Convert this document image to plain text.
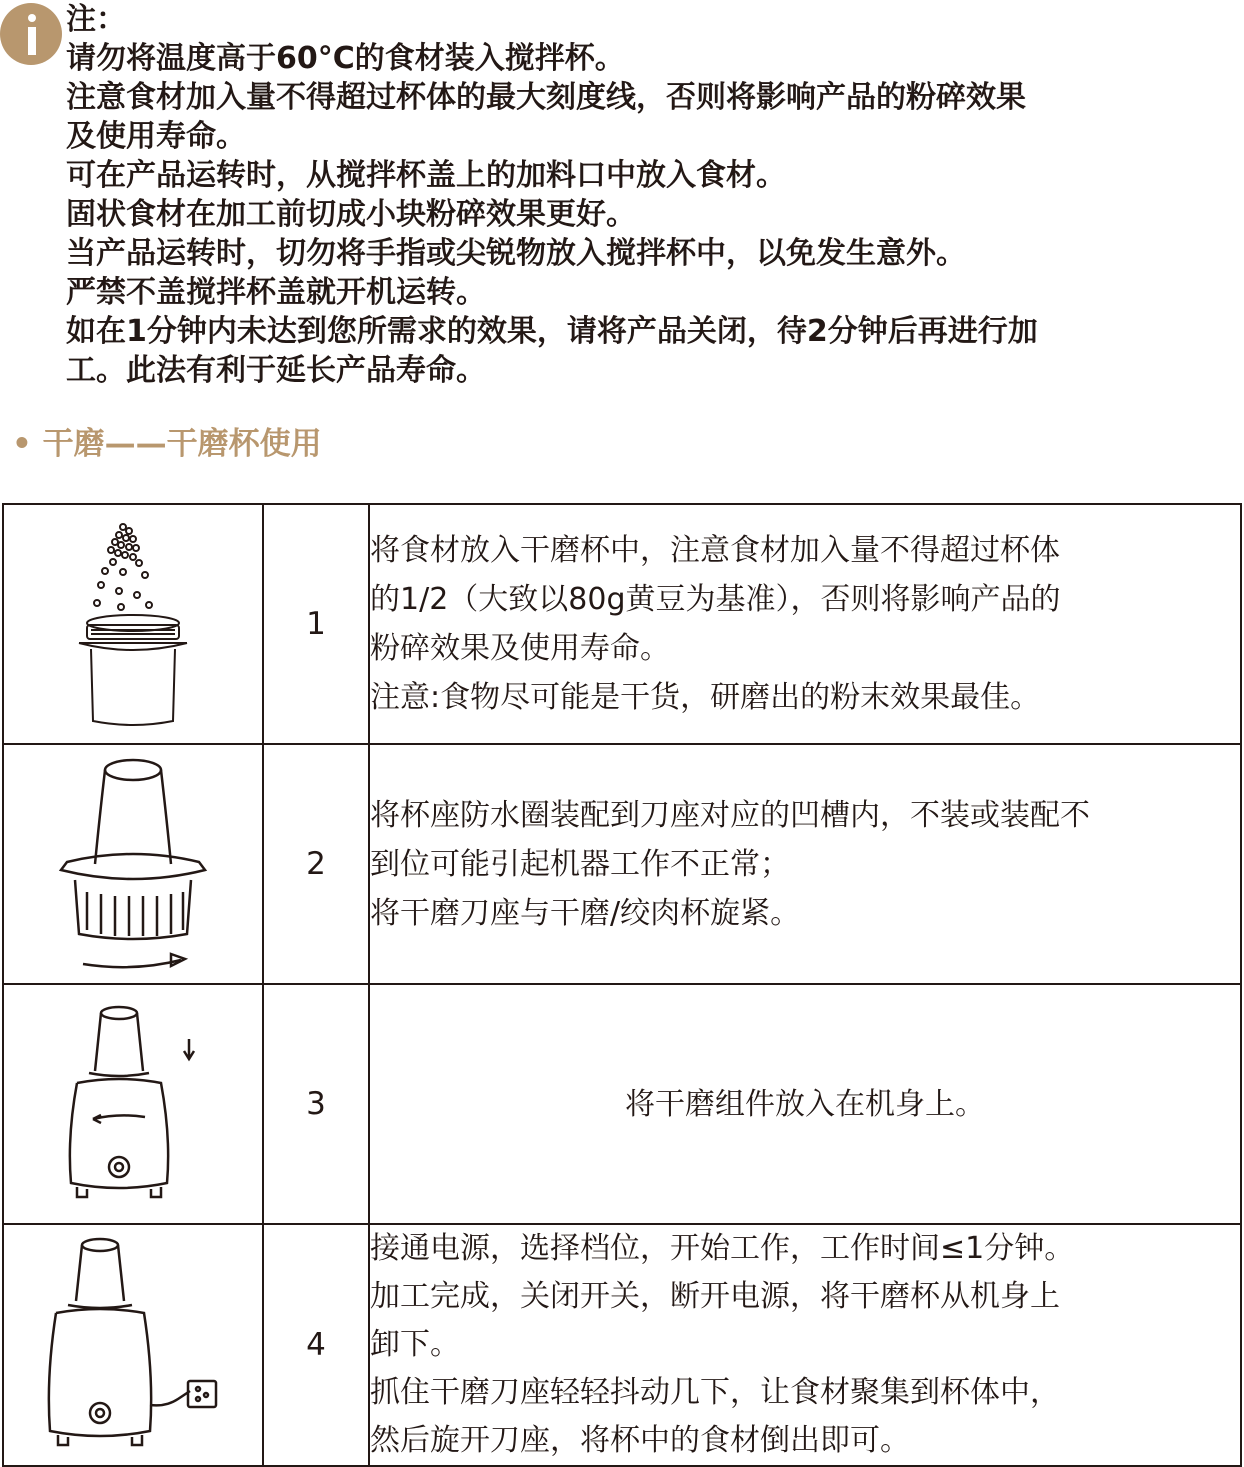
注：

请勿将温度高于60°C的食材装入搅拌杯。

注意食材加入量不得超过杯体的最大刻度线，否则将影响产品的粉碎效果

及使用寿命。

可在产品运转时，从搅拌杯盖上的加料口中放入食材。

固状食材在加工前切成小块粉碎效果更好。

当产品运转时，切勿将手指或尖锐物放入搅拌杯中，以免发生意外。

严禁不盖搅拌杯盖就开机运转。

如在1分钟内未达到您所需求的效果，请将产品关闭，待2分钟后再进行加

工。此法有利于延长产品寿命。

• 干磨——干磨杯使用
	1	将食材放入干磨杯中，注意食材加入量不得超过杯体

的1/2（大致以80g黄豆为基准），否则将影响产品的

粉碎效果及使用寿命。

注意:食物尽可能是干货，研磨出的粉末效果最佳。

	2	将杯座防水圈装配到刀座对应的凹槽内，不装或装配不

到位可能引起机器工作不正常；

将干磨刀座与干磨/绞肉杯旋紧。

	3	将干磨组件放入在机身上。

	4	接通电源，选择档位，开始工作，工作时间≤1分钟。

加工完成，关闭开关，断开电源，将干磨杯从机身上

卸下。

抓住干磨刀座轻轻抖动几下，让食材聚集到杯体中，

然后旋开刀座，将杯中的食材倒出即可。
